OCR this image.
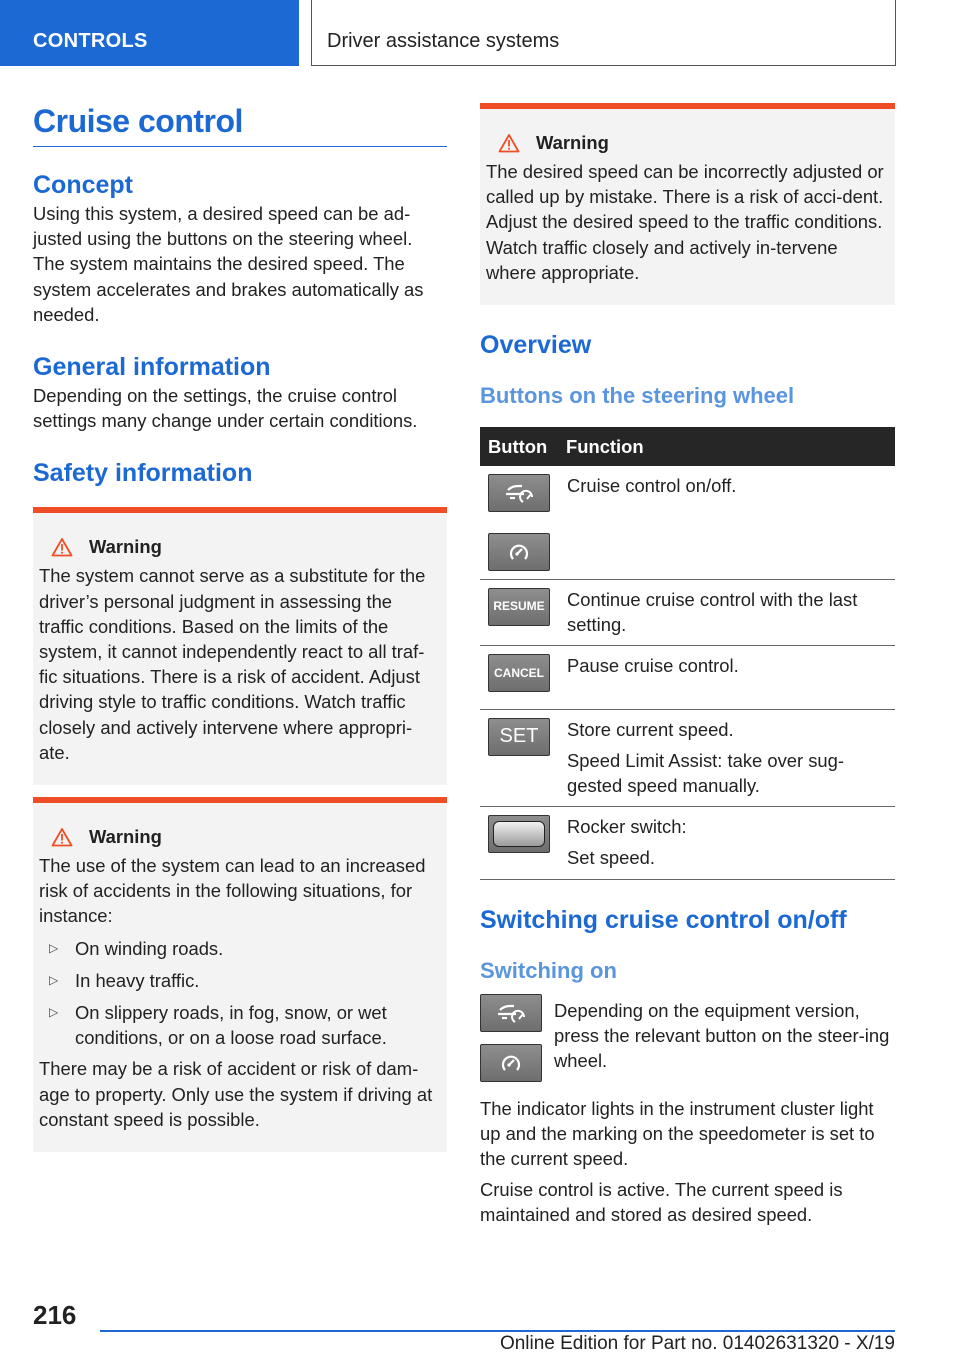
CONTROLS	Driver assistance systems
Cruise control
Concept
Using this system, a desired speed can be ad‐justed using the buttons on the steering wheel. The system maintains the desired speed. The system accelerates and brakes automatically as needed.
General information
Depending on the settings, the cruise control settings many change under certain conditions.
Safety information
Warning
The system cannot serve as a substitute for the driver’s personal judgment in assessing the traffic conditions. Based on the limits of the system, it cannot independently react to all traf‐fic situations. There is a risk of accident. Adjust driving style to traffic conditions. Watch traffic closely and actively intervene where appropri‐ate.
Warning
The use of the system can lead to an increased risk of accidents in the following situations, for instance:
▷ On winding roads.
▷ In heavy traffic.
▷ On slippery roads, in fog, snow, or wet conditions, or on a loose road surface.
There may be a risk of accident or risk of dam‐age to property. Only use the system if driving at constant speed is possible.
Warning
The desired speed can be incorrectly adjusted or called up by mistake. There is a risk of acci‐dent. Adjust the desired speed to the traffic conditions. Watch traffic closely and actively in‐tervene where appropriate.
Overview
Buttons on the steering wheel
Button	Function

	Cruise control on/off.

RESUME	Continue cruise control with the last setting.

CANCEL	Pause cruise control.

SET	Store current speed.
Speed Limit Assist: take over sug‐gested speed manually.

	Rocker switch:
Set speed.
Switching cruise control on/off
Switching on
Depending on the equipment version, press the relevant button on the steer‐ing wheel.
The indicator lights in the instrument cluster light up and the marking on the speedometer is set to the current speed.
Cruise control is active. The current speed is maintained and stored as desired speed.
216
Online Edition for Part no. 01402631320 - X/19
